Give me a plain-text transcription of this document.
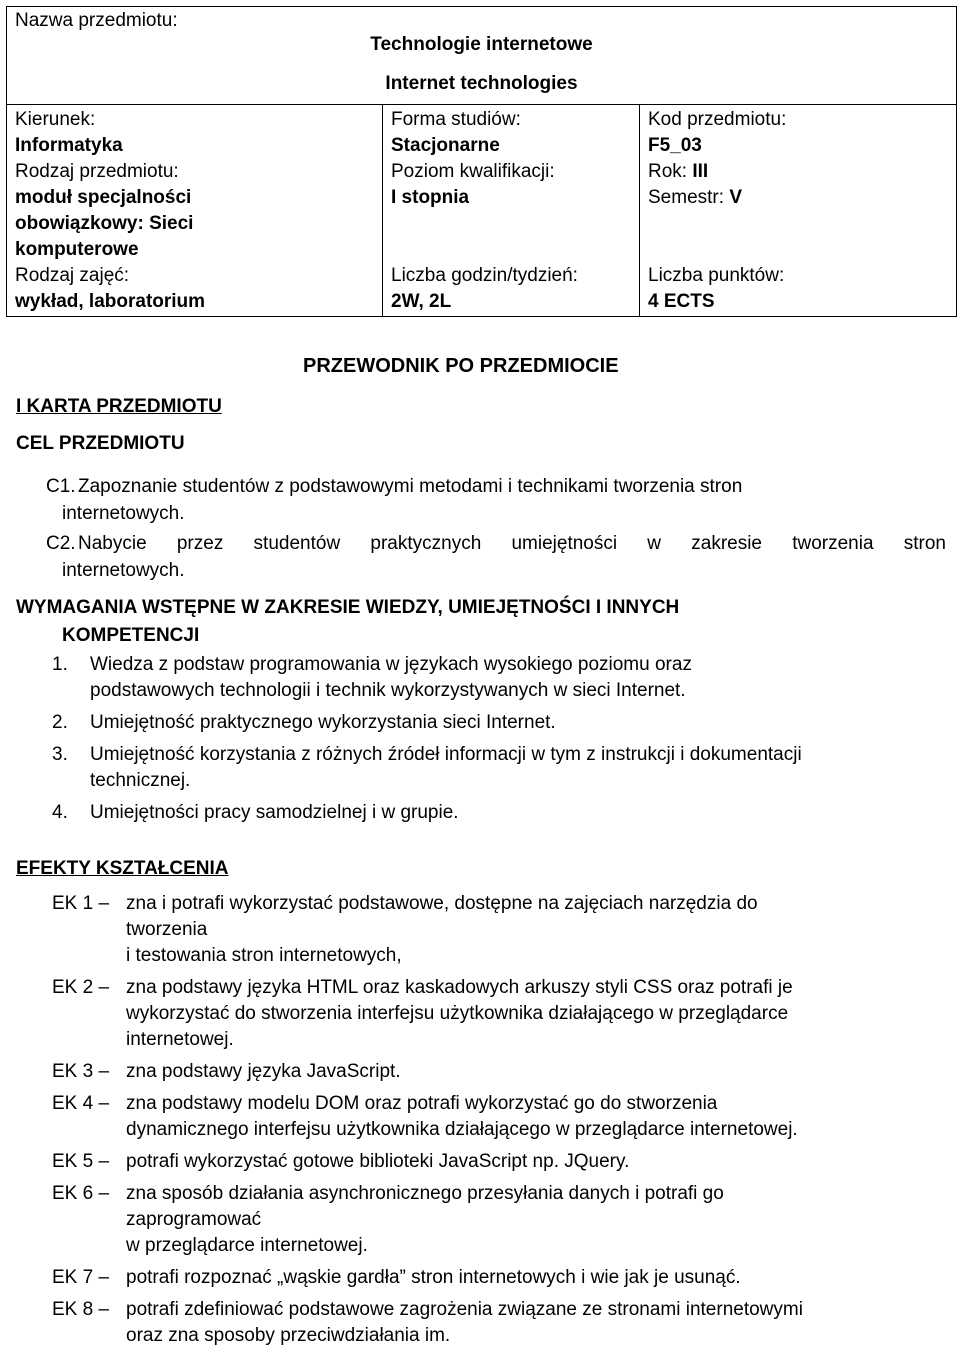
Nazwa przedmiotu:
Technologie internetowe
Internet technologies

Kierunek:
Informatyka
Rodzaj przedmiotu:
moduł specjalności
obowiązkowy: Sieci
komputerowe
Rodzaj zajęć:
wykład, laboratorium

Forma studiów:
Stacjonarne
Poziom kwalifikacji:
I stopnia
Liczba godzin/tydzień:
2W, 2L

Kod przedmiotu:
F5_03
Rok: III
Semestr: V
Liczba punktów:
4 ECTS
PRZEWODNIK PO PRZEDMIOCIE
I KARTA PRZEDMIOTU
CEL PRZEDMIOTU
C1. Zapoznanie studentów z podstawowymi metodami i technikami tworzenia stron
internetowych.
C2. Nabycie przez studentów praktycznych umiejętności w zakresie tworzenia stron
internetowych.
WYMAGANIA WSTĘPNE W ZAKRESIE WIEDZY, UMIEJĘTNOŚCI I INNYCH
KOMPETENCJI
1. Wiedza z podstaw programowania w językach wysokiego poziomu oraz
podstawowych technologii i technik wykorzystywanych w sieci Internet.
2. Umiejętność praktycznego wykorzystania sieci Internet.
3. Umiejętność korzystania z różnych źródeł informacji w tym z instrukcji i dokumentacji
technicznej.
4. Umiejętności pracy samodzielnej i w grupie.
EFEKTY KSZTAŁCENIA
EK 1 – zna i potrafi wykorzystać podstawowe, dostępne na zajęciach narzędzia do
tworzenia
i testowania stron internetowych,
EK 2 – zna podstawy języka HTML oraz kaskadowych arkuszy styli CSS oraz potrafi je
wykorzystać do stworzenia interfejsu użytkownika działającego w przeglądarce
internetowej.
EK 3 – zna podstawy języka JavaScript.
EK 4 – zna podstawy modelu DOM oraz potrafi wykorzystać go do stworzenia
dynamicznego interfejsu użytkownika działającego w przeglądarce internetowej.
EK 5 – potrafi wykorzystać gotowe biblioteki JavaScript np. JQuery.
EK 6 – zna sposób działania asynchronicznego przesyłania danych i potrafi go
zaprogramować
w przeglądarce internetowej.
EK 7 – potrafi rozpoznać „wąskie gardła” stron internetowych i wie jak je usunąć.
EK 8 – potrafi zdefiniować podstawowe zagrożenia związane ze stronami internetowymi
oraz zna sposoby przeciwdziałania im.
